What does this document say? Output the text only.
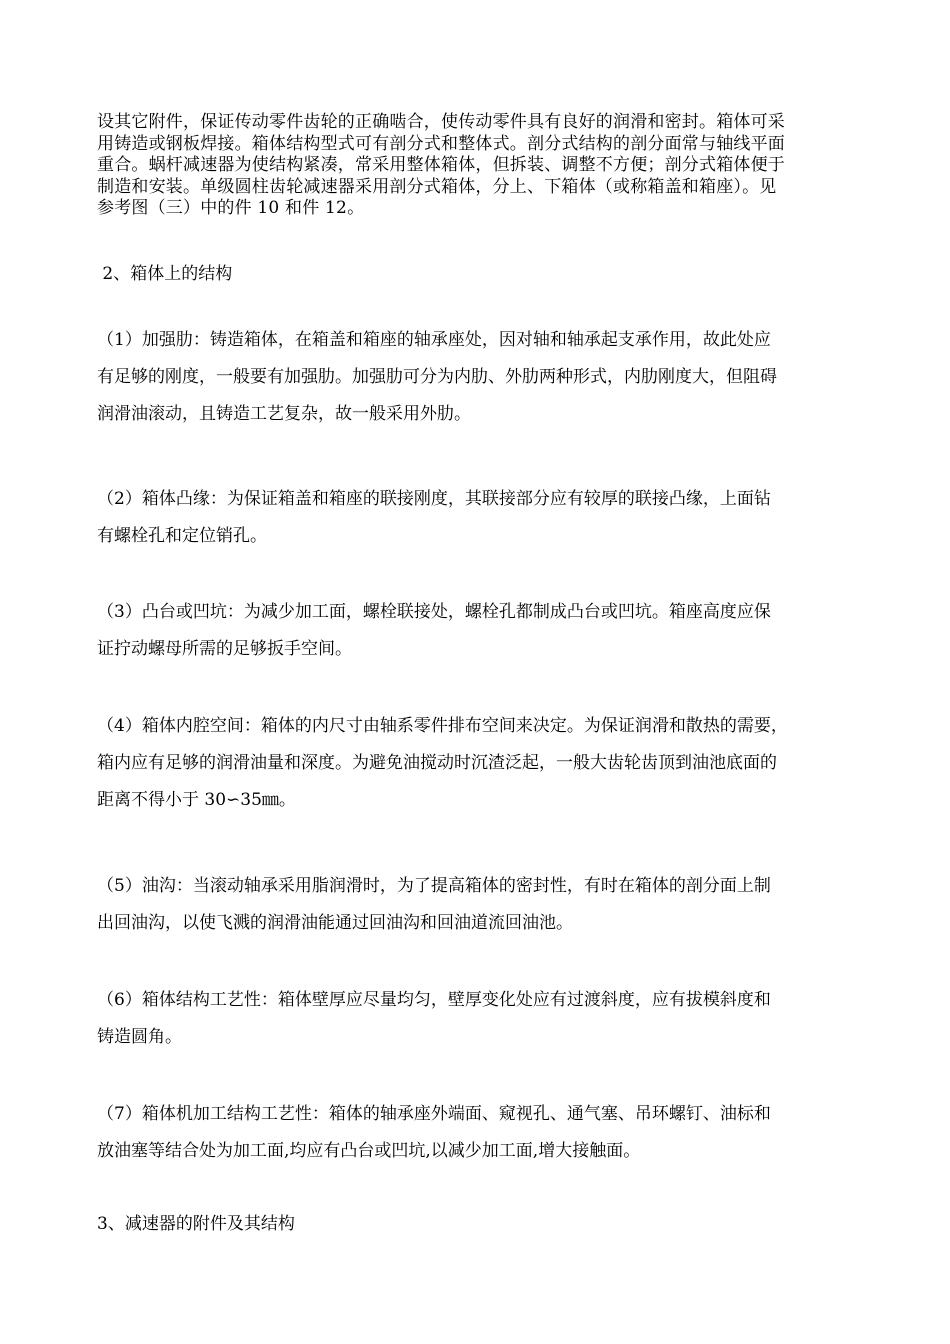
设其它附件，保证传动零件齿轮的正确啮合，使传动零件具有良好的润滑和密封。箱体可采
用铸造或钢板焊接。箱体结构型式可有剖分式和整体式。剖分式结构的剖分面常与轴线平面
重合。蜗杆减速器为使结构紧凑，常采用整体箱体，但拆装、调整不方便；剖分式箱体便于
制造和安装。单级圆柱齿轮减速器采用剖分式箱体，分上、下箱体（或称箱盖和箱座）。见
参考图（三）中的件 10 和件 12。

2、箱体上的结构

（1）加强肋：铸造箱体，在箱盖和箱座的轴承座处，因对轴和轴承起支承作用，故此处应
有足够的刚度，一般要有加强肋。加强肋可分为内肋、外肋两种形式，内肋刚度大，但阻碍
润滑油滚动，且铸造工艺复杂，故一般采用外肋。

（2）箱体凸缘：为保证箱盖和箱座的联接刚度，其联接部分应有较厚的联接凸缘，上面钻
有螺栓孔和定位销孔。

（3）凸台或凹坑：为减少加工面，螺栓联接处，螺栓孔都制成凸台或凹坑。箱座高度应保
证拧动螺母所需的足够扳手空间。

（4）箱体内腔空间：箱体的内尺寸由轴系零件排布空间来决定。为保证润滑和散热的需要，
箱内应有足够的润滑油量和深度。为避免油搅动时沉渣泛起，一般大齿轮齿顶到油池底面的
距离不得小于 30∽35㎜。

（5）油沟：当滚动轴承采用脂润滑时，为了提高箱体的密封性，有时在箱体的剖分面上制
出回油沟，以使飞溅的润滑油能通过回油沟和回油道流回油池。

（6）箱体结构工艺性：箱体壁厚应尽量均匀，壁厚变化处应有过渡斜度，应有拔模斜度和
铸造圆角。

（7）箱体机加工结构工艺性：箱体的轴承座外端面、窥视孔、通气塞、吊环螺钉、油标和
放油塞等结合处为加工面,均应有凸台或凹坑,以减少加工面,增大接触面。

3、减速器的附件及其结构
